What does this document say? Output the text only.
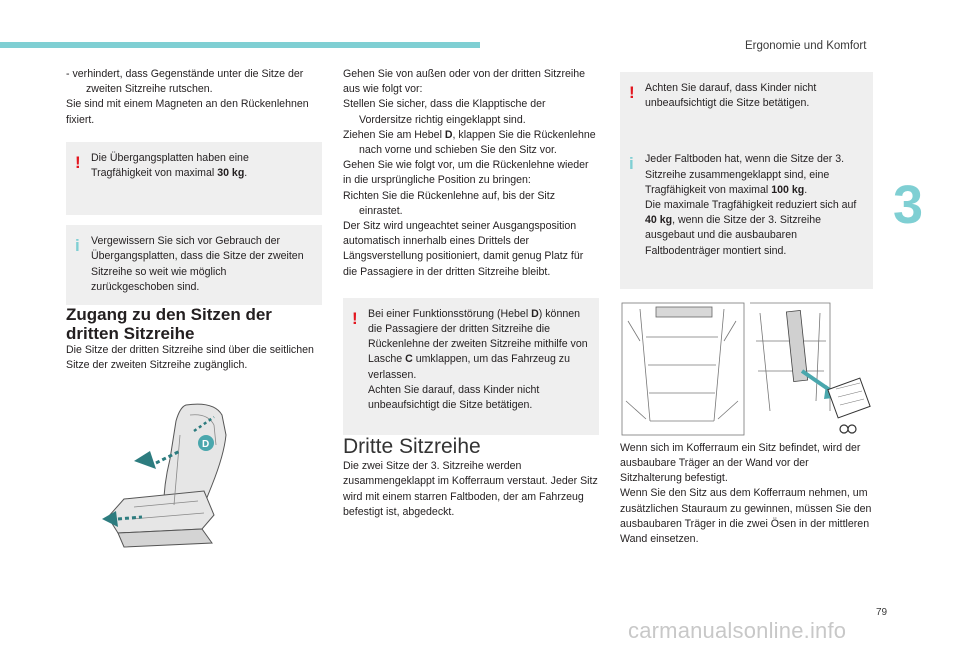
Ergonomie und Komfort
3

- verhindert, dass Gegenstände unter die Sitze der zweiten Sitzreihe rutschen.

Sie sind mit einem Magneten an den Rückenlehnen fixiert.

! Die Übergangsplatten haben eine Tragfähigkeit von maximal 30 kg.

i Vergewissern Sie sich vor Gebrauch der Übergangsplatten, dass die Sitze der zweiten Sitzreihe so weit wie möglich zurückgeschoben sind.

Zugang zu den Sitzen der dritten Sitzreihe

Die Sitze der dritten Sitzreihe sind über die seitlichen Sitze der zweiten Sitzreihe zugänglich.

D

Gehen Sie von außen oder von der dritten Sitzreihe aus wie folgt vor:

Stellen Sie sicher, dass die Klapptische der Vordersitze richtig eingeklappt sind.

Ziehen Sie am Hebel D, klappen Sie die Rückenlehne nach vorne und schieben Sie den Sitz vor.

Gehen Sie wie folgt vor, um die Rückenlehne wieder in die ursprüngliche Position zu bringen:

Richten Sie die Rückenlehne auf, bis der Sitz einrastet.

Der Sitz wird ungeachtet seiner Ausgangsposition automatisch innerhalb eines Drittels der Längsverstellung positioniert, damit genug Platz für die Passagiere in der dritten Sitzreihe bleibt.

! Bei einer Funktionsstörung (Hebel D) können die Passagiere der dritten Sitzreihe die Rückenlehne der zweiten Sitzreihe mithilfe von Lasche C umklappen, um das Fahrzeug zu verlassen.

Achten Sie darauf, dass Kinder nicht unbeaufsichtigt die Sitze betätigen.

Dritte Sitzreihe

Die zwei Sitze der 3. Sitzreihe werden zusammengeklappt im Kofferraum verstaut. Jeder Sitz wird mit einem starren Faltboden, der am Fahrzeug befestigt ist, abgedeckt.

! Achten Sie darauf, dass Kinder nicht unbeaufsichtigt die Sitze betätigen.

i Jeder Faltboden hat, wenn die Sitze der 3. Sitzreihe zusammengeklappt sind, eine Tragfähigkeit von maximal 100 kg.

Die maximale Tragfähigkeit reduziert sich auf 40 kg, wenn die Sitze der 3. Sitzreihe ausgebaut und die ausbaubaren Faltbodenträger montiert sind.

Wenn sich im Kofferraum ein Sitz befindet, wird der ausbaubare Träger an der Wand vor der Sitzhalterung befestigt.

Wenn Sie den Sitz aus dem Kofferraum nehmen, um zusätzlichen Stauraum zu gewinnen, müssen Sie den ausbaubaren Träger in die zwei Ösen in der mittleren Wand einsetzen.

79
carmanualsonline.info
